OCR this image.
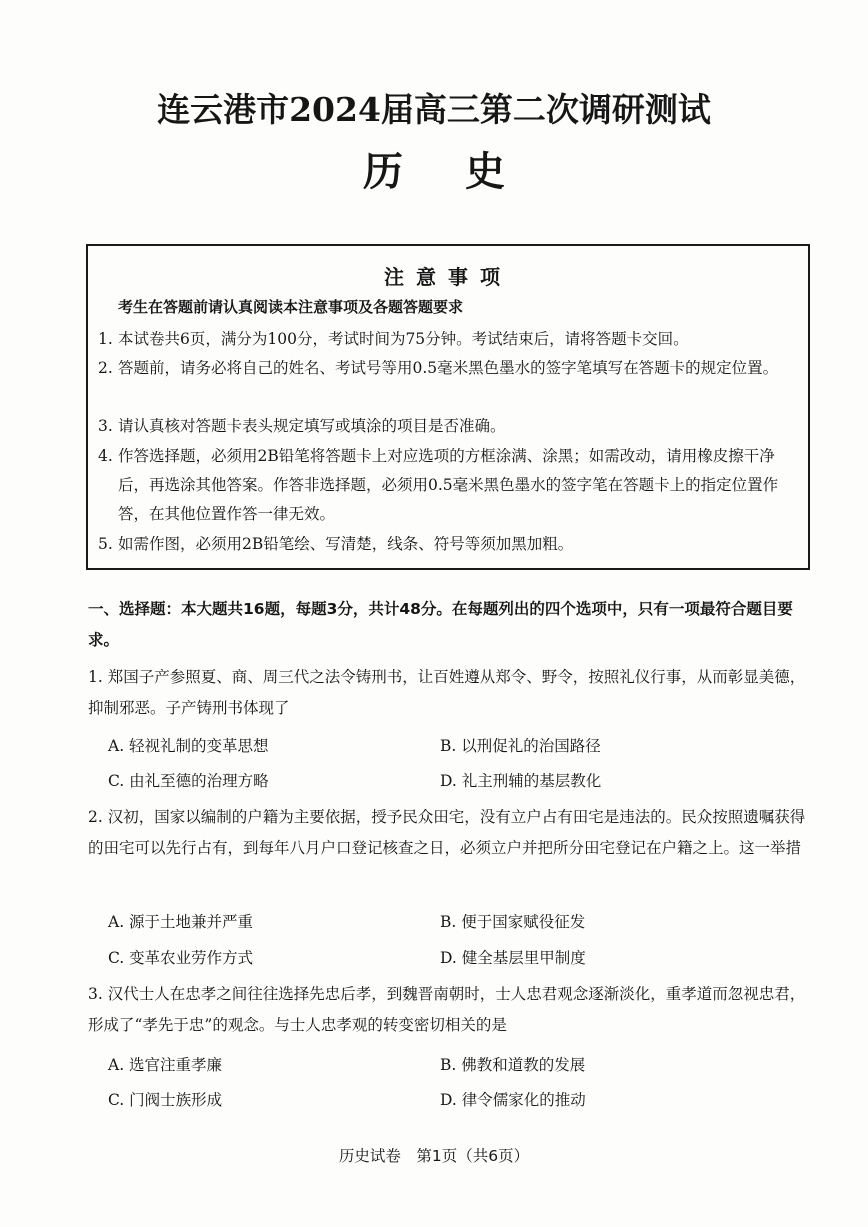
连云港市2024届高三第二次调研测试
历 史
注意事项
考生在答题前请认真阅读本注意事项及各题答题要求
1. 本试卷共6页，满分为100分，考试时间为75分钟。考试结束后，请将答题卡交回。
2. 答题前，请务必将自己的姓名、考试号等用0.5毫米黑色墨水的签字笔填写在答题卡的规定位置。
3. 请认真核对答题卡表头规定填写或填涂的项目是否准确。
4. 作答选择题，必须用2B铅笔将答题卡上对应选项的方框涂满、涂黑；如需改动，请用橡皮擦干净后，再选涂其他答案。作答非选择题，必须用0.5毫米黑色墨水的签字笔在答题卡上的指定位置作答，在其他位置作答一律无效。
5. 如需作图，必须用2B铅笔绘、写清楚，线条、符号等须加黑加粗。
一、选择题：本大题共16题，每题3分，共计48分。在每题列出的四个选项中，只有一项最符合题目要求。
1. 郑国子产参照夏、商、周三代之法令铸刑书，让百姓遵从郑令、野令，按照礼仪行事，从而彰显美德，抑制邪恶。子产铸刑书体现了
A. 轻视礼制的变革思想	B. 以刑促礼的治国路径
C. 由礼至德的治理方略	D. 礼主刑辅的基层教化
2. 汉初，国家以编制的户籍为主要依据，授予民众田宅，没有立户占有田宅是违法的。民众按照遗嘱获得的田宅可以先行占有，到每年八月户口登记核查之日，必须立户并把所分田宅登记在户籍之上。这一举措
A. 源于土地兼并严重	B. 便于国家赋役征发
C. 变革农业劳作方式	D. 健全基层里甲制度
3. 汉代士人在忠孝之间往往选择先忠后孝，到魏晋南朝时，士人忠君观念逐渐淡化，重孝道而忽视忠君，形成了“孝先于忠”的观念。与士人忠孝观的转变密切相关的是
A. 选官注重孝廉	B. 佛教和道教的发展
C. 门阀士族形成	D. 律令儒家化的推动
历史试卷　第1页（共6页）
